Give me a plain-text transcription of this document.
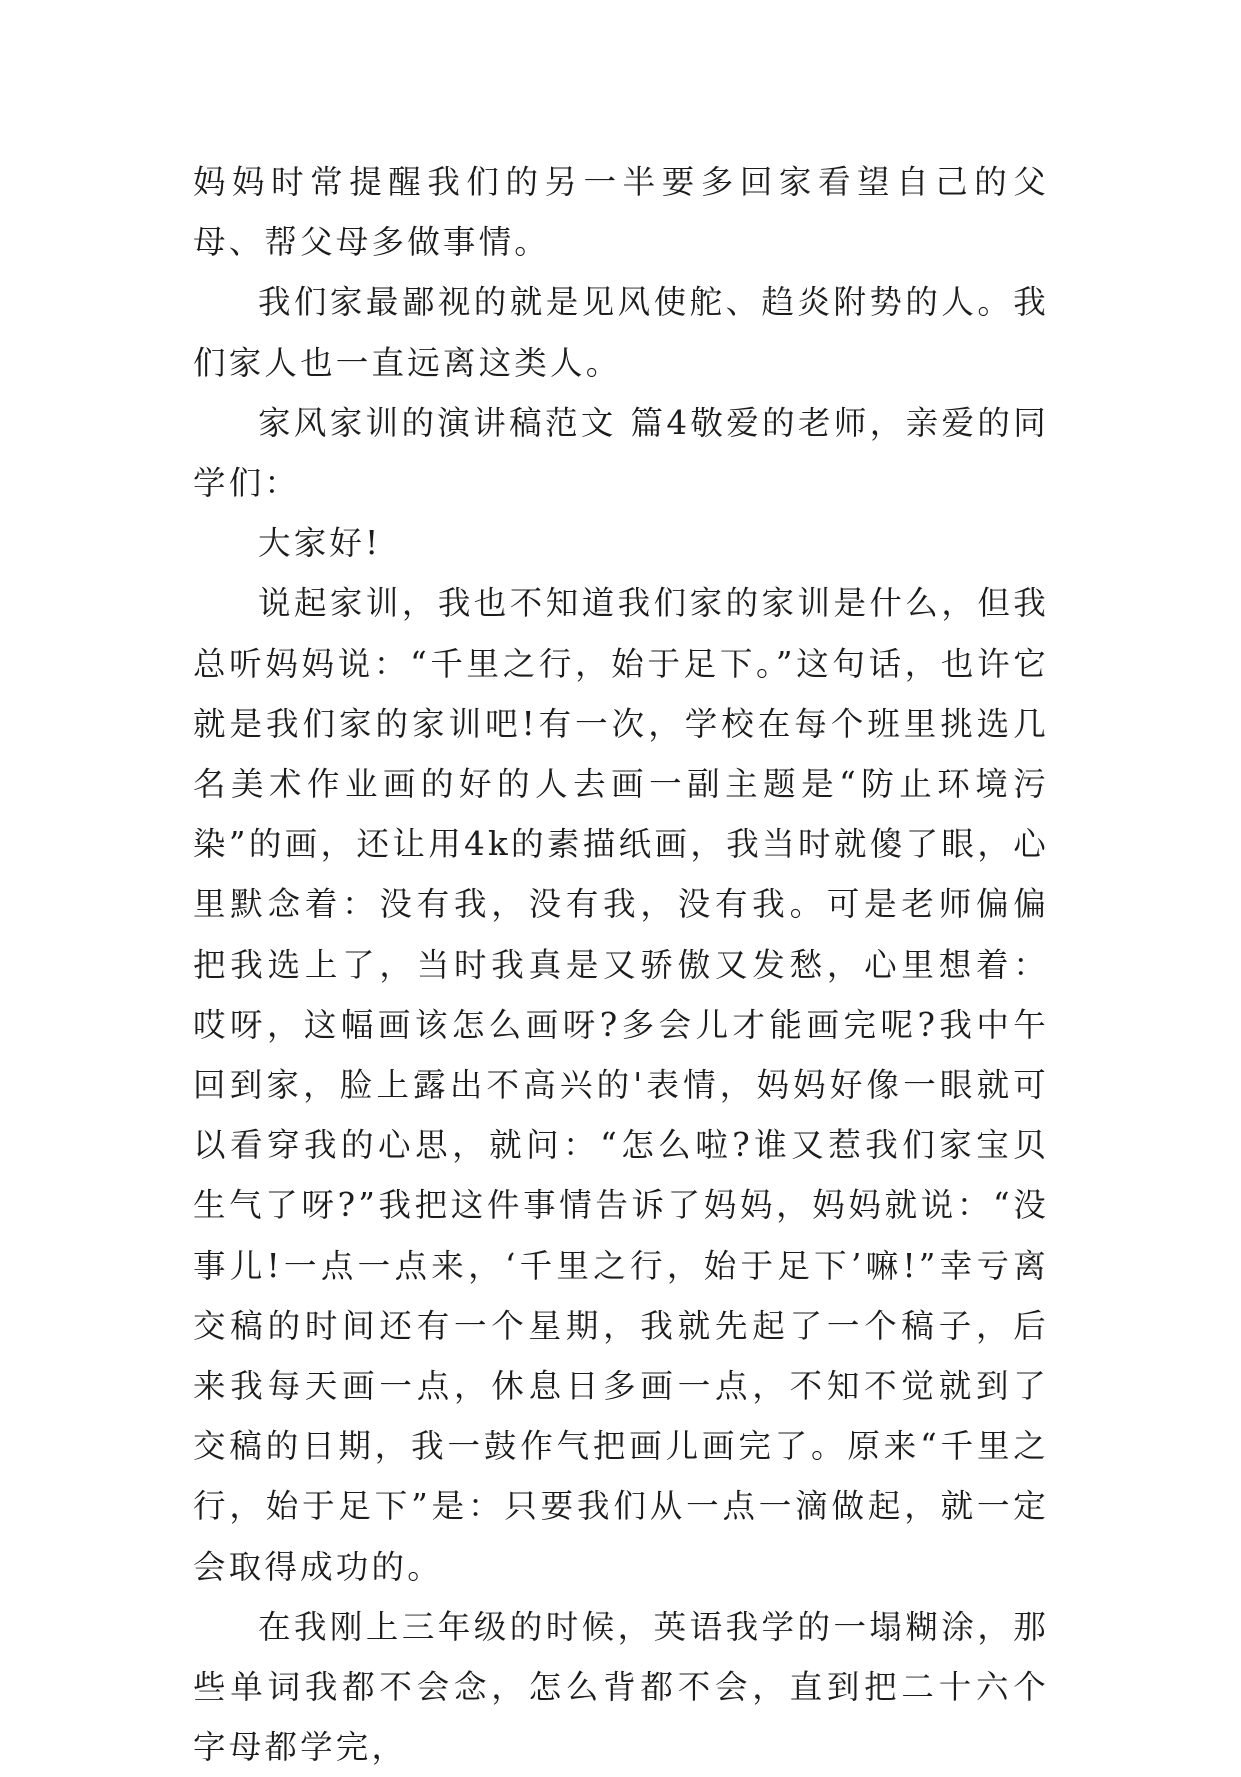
妈妈时常提醒我们的另一半要多回家看望自己的父母、帮父母多做事情。

我们家最鄙视的就是见风使舵、趋炎附势的人。我们家人也一直远离这类人。

家风家训的演讲稿范文 篇4敬爱的老师，亲爱的同学们：

大家好!

说起家训，我也不知道我们家的家训是什么，但我总听妈妈说：“千里之行，始于足下。”这句话，也许它就是我们家的家训吧!有一次，学校在每个班里挑选几名美术作业画的好的人去画一副主题是“防止环境污染”的画，还让用4k的素描纸画，我当时就傻了眼，心里默念着：没有我，没有我，没有我。可是老师偏偏把我选上了，当时我真是又骄傲又发愁，心里想着：哎呀，这幅画该怎么画呀?多会儿才能画完呢?我中午回到家，脸上露出不高兴的'表情，妈妈好像一眼就可以看穿我的心思，就问：“怎么啦?谁又惹我们家宝贝生气了呀?”我把这件事情告诉了妈妈，妈妈就说：“没事儿!一点一点来，‘千里之行，始于足下’嘛!”幸亏离交稿的时间还有一个星期，我就先起了一个稿子，后来我每天画一点，休息日多画一点，不知不觉就到了交稿的日期，我一鼓作气把画儿画完了。原来“千里之行，始于足下”是：只要我们从一点一滴做起，就一定会取得成功的。

在我刚上三年级的时候，英语我学的一塌糊涂，那些单词我都不会念，怎么背都不会，直到把二十六个字母都学完，
